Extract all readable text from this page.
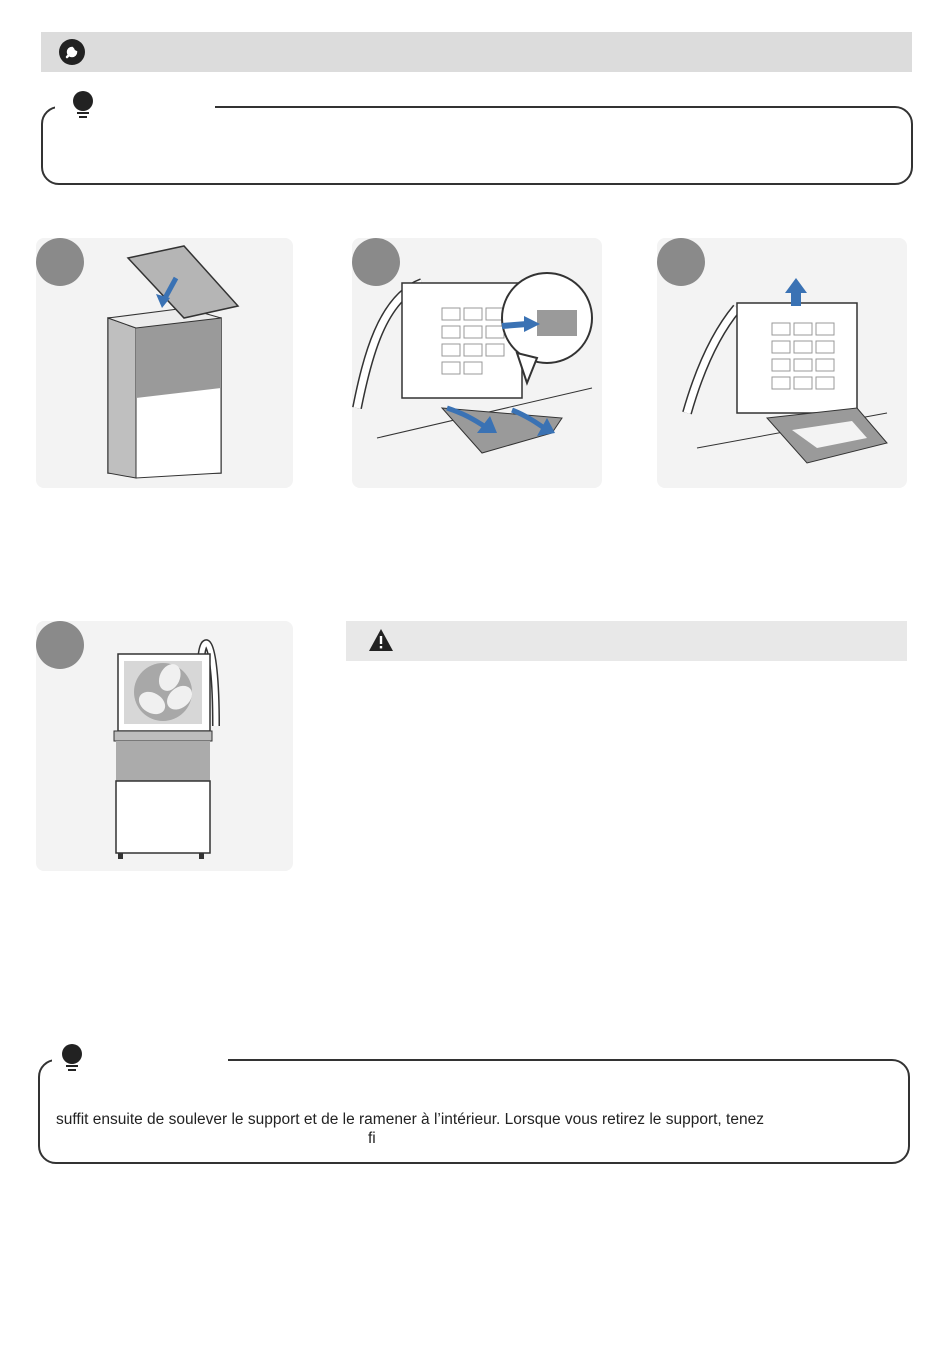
suffit ensuite de soulever le support et de le ramener à l’intérieur. Lorsque vous retirez le support, tenez
fi
